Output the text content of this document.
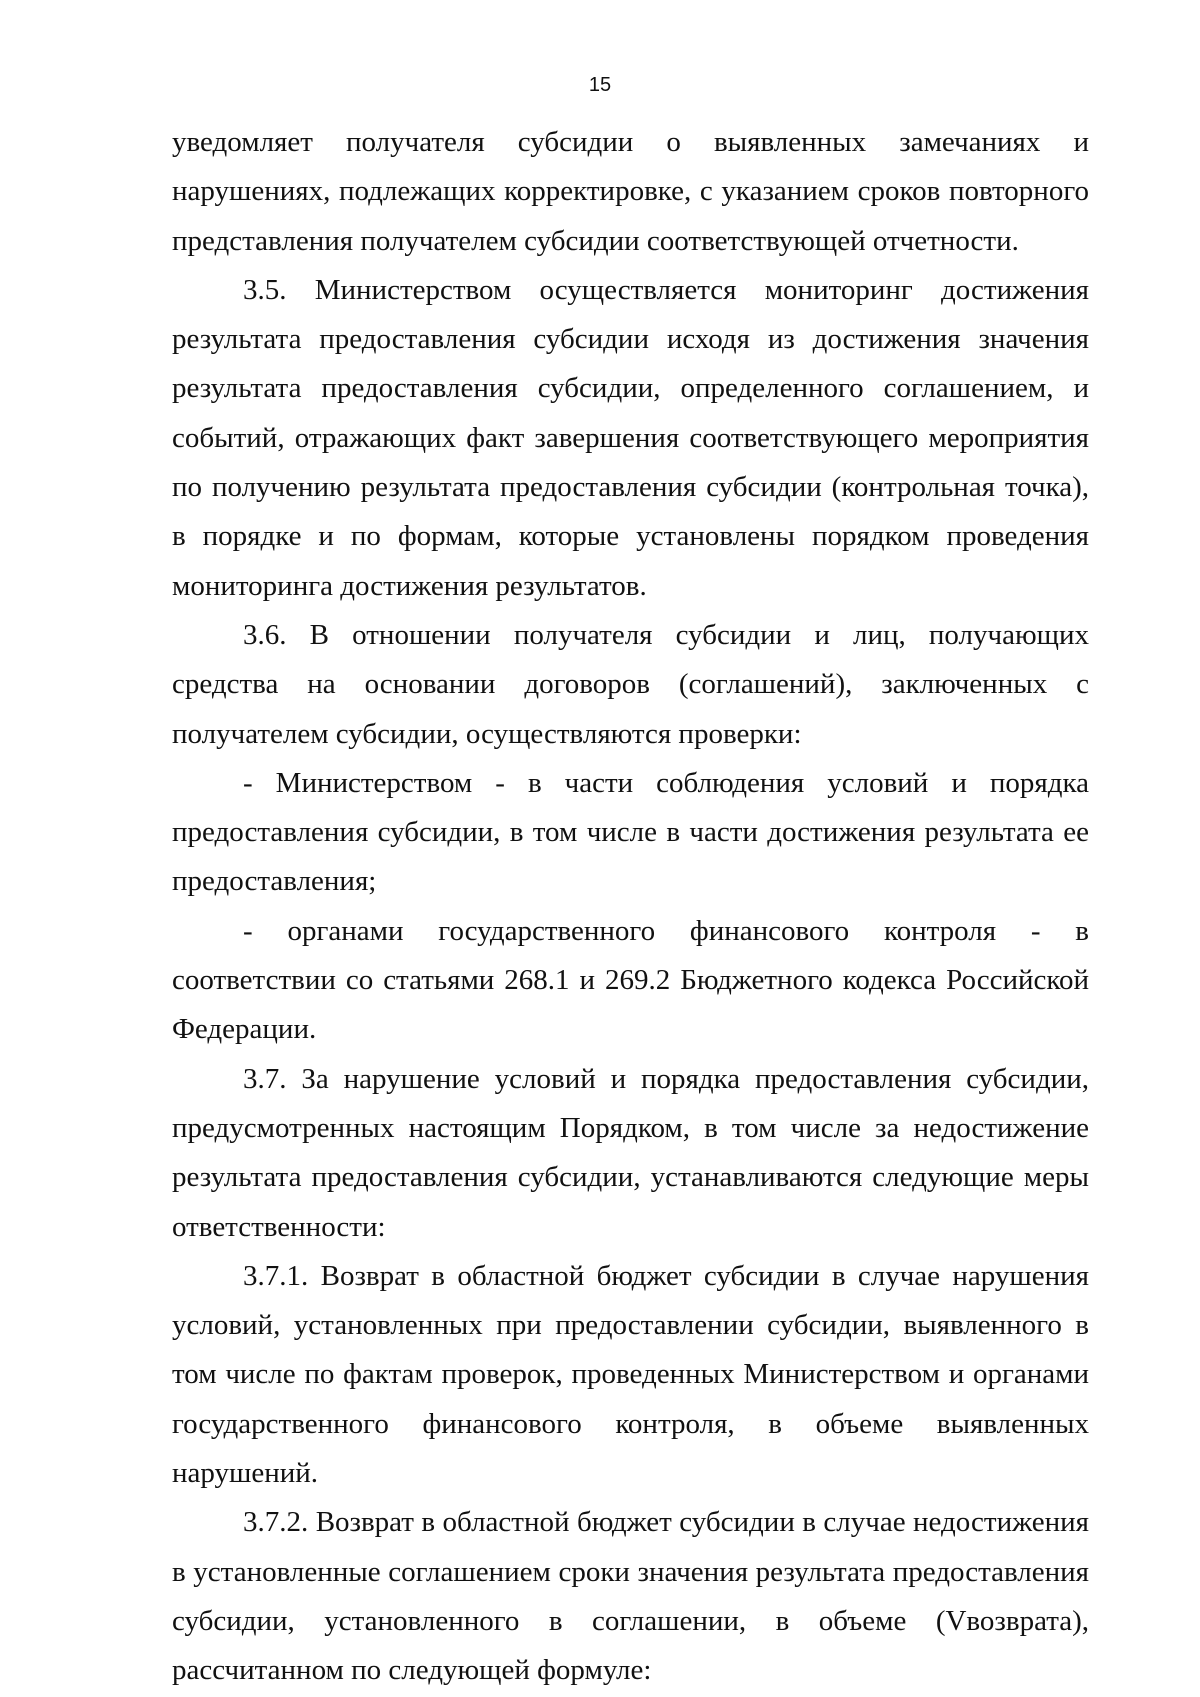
15

уведомляет получателя субсидии о выявленных замечаниях и нарушениях, подлежащих корректировке, с указанием сроков повторного представления получателем субсидии соответствующей отчетности.

3.5. Министерством осуществляется мониторинг достижения результата предоставления субсидии исходя из достижения значения результата предоставления субсидии, определенного соглашением, и событий, отражающих факт завершения соответствующего мероприятия по получению результата предоставления субсидии (контрольная точка), в порядке и по формам, которые установлены порядком проведения мониторинга достижения результатов.

3.6. В отношении получателя субсидии и лиц, получающих средства на основании договоров (соглашений), заключенных с получателем субсидии, осуществляются проверки:

- Министерством - в части соблюдения условий и порядка предоставления субсидии, в том числе в части достижения результата ее предоставления;

- органами государственного финансового контроля - в соответствии со статьями 268.1 и 269.2 Бюджетного кодекса Российской Федерации.

3.7. За нарушение условий и порядка предоставления субсидии, предусмотренных настоящим Порядком, в том числе за недостижение результата предоставления субсидии, устанавливаются следующие меры ответственности:

3.7.1. Возврат в областной бюджет субсидии в случае нарушения условий, установленных при предоставлении субсидии, выявленного в том числе по фактам проверок, проведенных Министерством и органами государственного финансового контроля, в объеме выявленных нарушений.

3.7.2. Возврат в областной бюджет субсидии в случае недостижения в установленные соглашением сроки значения результата предоставления субсидии, установленного в соглашении, в объеме (Vвозврата), рассчитанном по следующей формуле:
